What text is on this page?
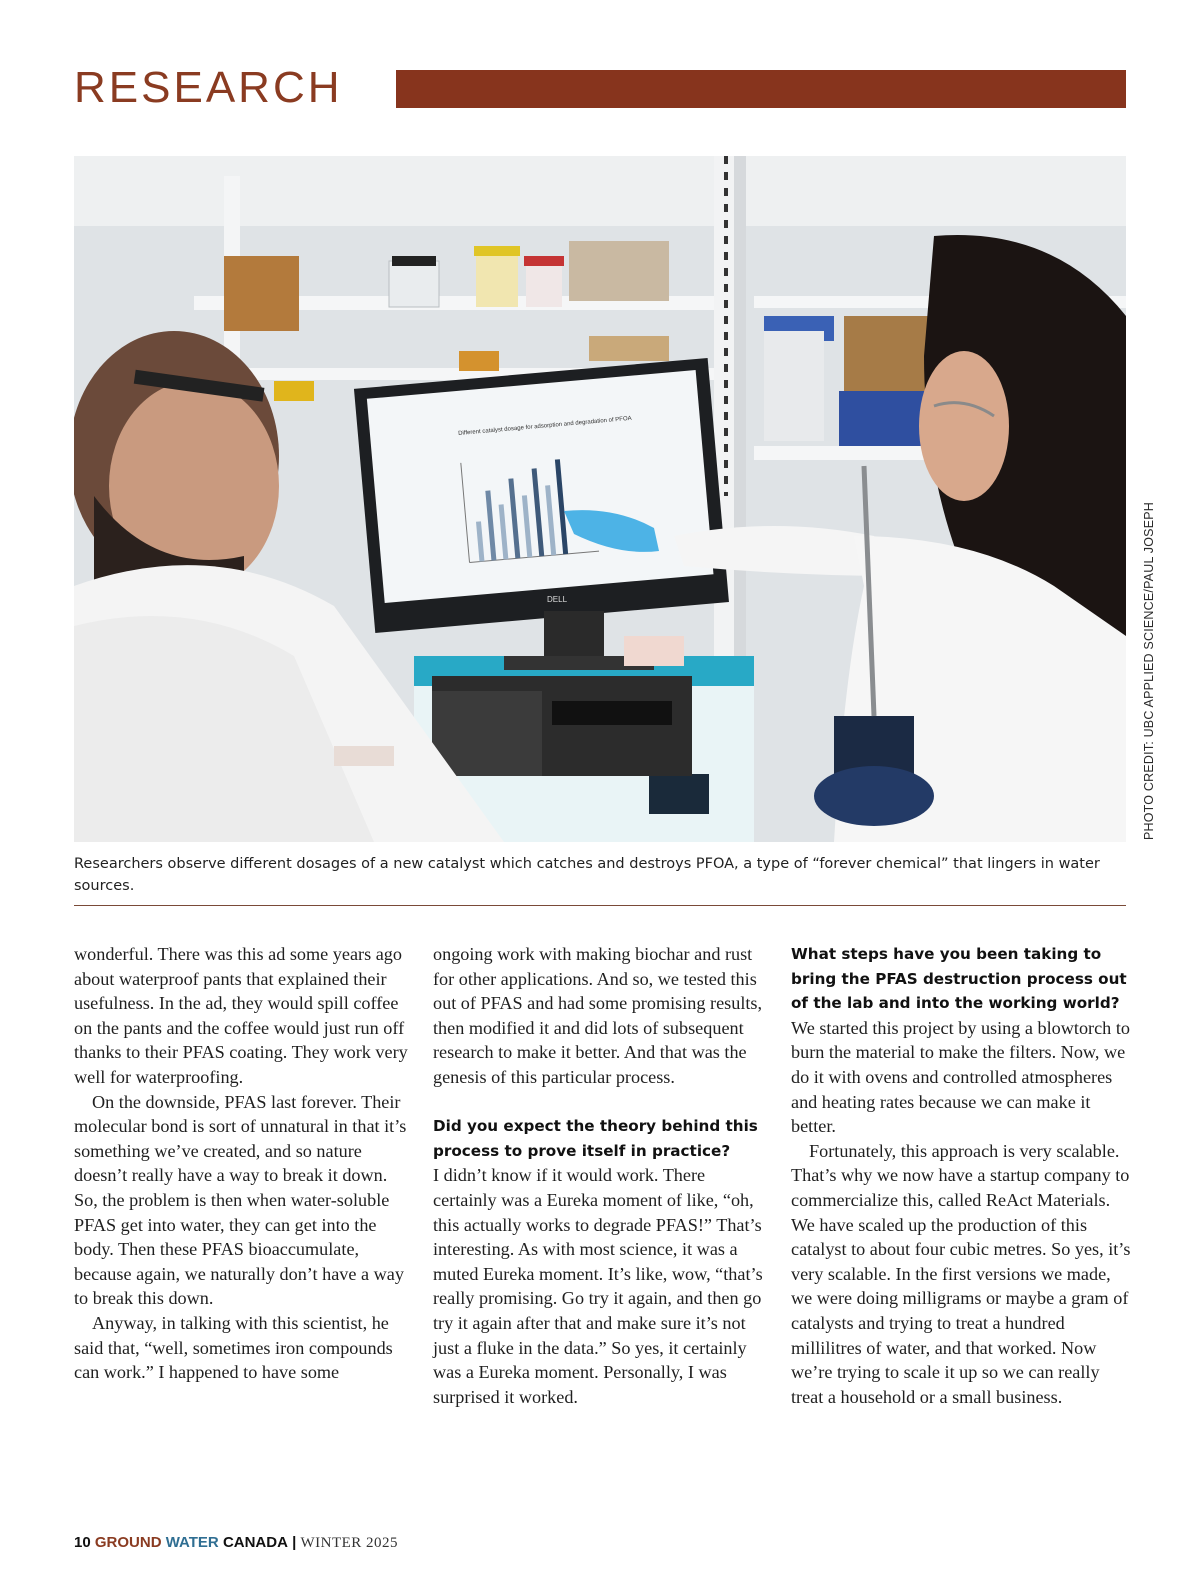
RESEARCH
Different catalyst dosage for adsorption and degradation of PFOA
DELL	PHOTO CREDIT: UBC APPLIED SCIENCE/PAUL JOSEPH
Researchers observe different dosages of a new catalyst which catches and destroys PFOA, a type of “forever chemical” that lingers in water sources.

wonderful. There was this ad some years ago about waterproof pants that explained their usefulness. In the ad, they would spill coffee on the pants and the coffee would just run off thanks to their PFAS coating. They work very well for waterproofing.

On the downside, PFAS last forever. Their molecular bond is sort of unnatural in that it’s something we’ve created, and so nature doesn’t really have a way to break it down. So, the problem is then when water-soluble PFAS get into water, they can get into the body. Then these PFAS bioaccumulate, because again, we naturally don’t have a way to break this down.

Anyway, in talking with this scientist, he said that, “well, sometimes iron compounds can work.” I happened to have some

ongoing work with making biochar and rust for other applications. And so, we tested this out of PFAS and had some promising results, then modified it and did lots of subsequent research to make it better. And that was the genesis of this particular process.

Did you expect the theory behind this process to prove itself in practice?

I didn’t know if it would work. There certainly was a Eureka moment of like, “oh, this actually works to degrade PFAS!” That’s interesting. As with most science, it was a muted Eureka moment. It’s like, wow, “that’s really promising. Go try it again, and then go try it again after that and make sure it’s not just a fluke in the data.” So yes, it certainly was a Eureka moment. Personally, I was surprised it worked.

What steps have you been taking to bring the PFAS destruction process out of the lab and into the working world?

We started this project by using a blowtorch to burn the material to make the filters. Now, we do it with ovens and controlled atmospheres and heating rates because we can make it better.

Fortunately, this approach is very scalable. That’s why we now have a startup company to commercialize this, called ReAct Materials. We have scaled up the production of this catalyst to about four cubic metres. So yes, it’s very scalable. In the first versions we made, we were doing milligrams or maybe a gram of catalysts and trying to treat a hundred millilitres of water, and that worked. Now we’re trying to scale it up so we can really treat a household or a small business.

10 GROUND WATER CANADA | WINTER 2025
